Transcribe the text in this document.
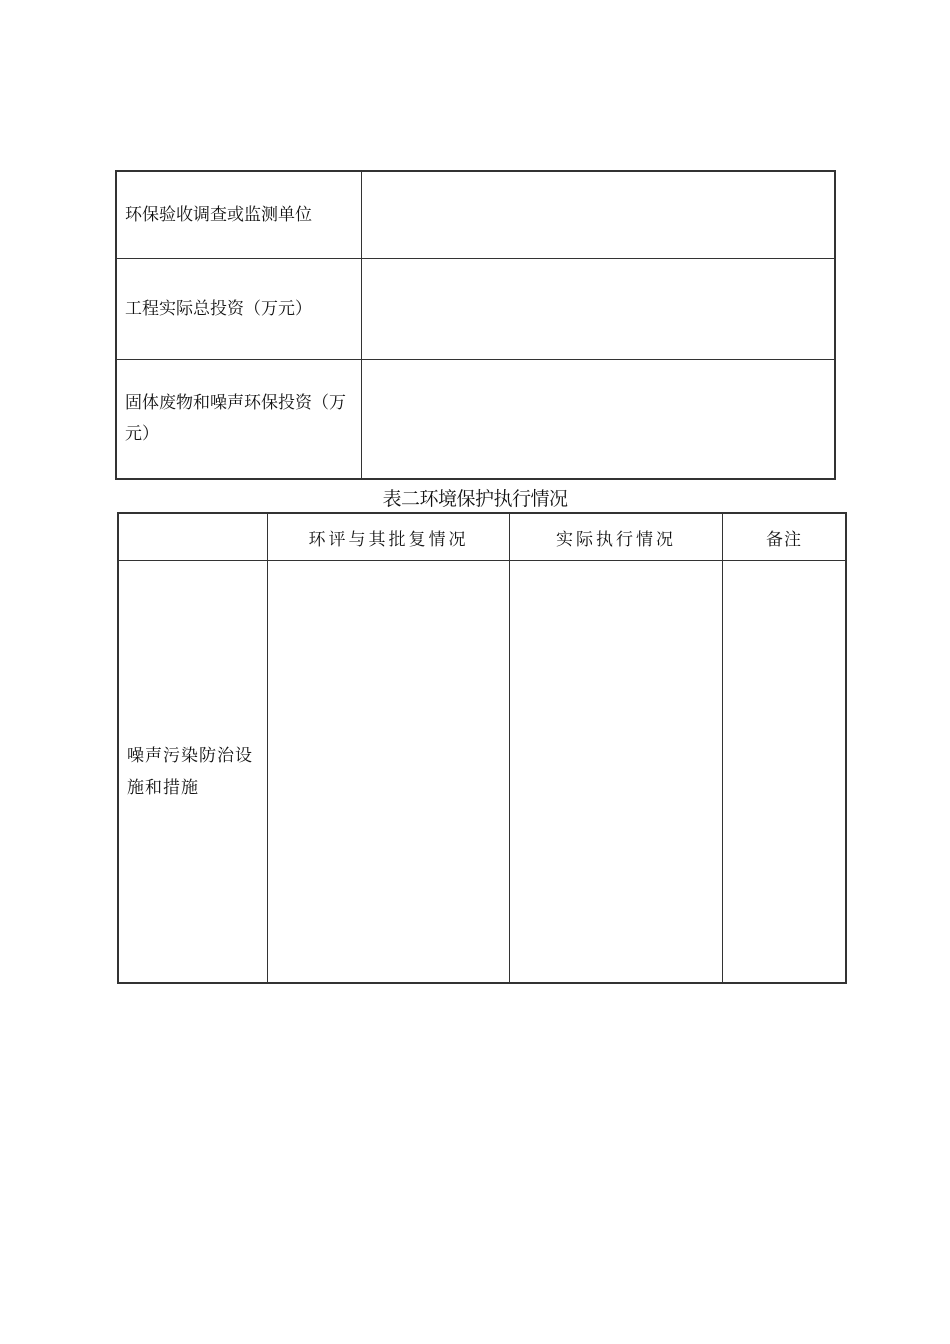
环保验收调查或监测单位	
工程实际总投资（万元）	
固体废物和噪声环保投资（万元）	
表二环境保护执行情况
	环评与其批复情况	实际执行情况	备注
噪声污染防治设施和措施			
